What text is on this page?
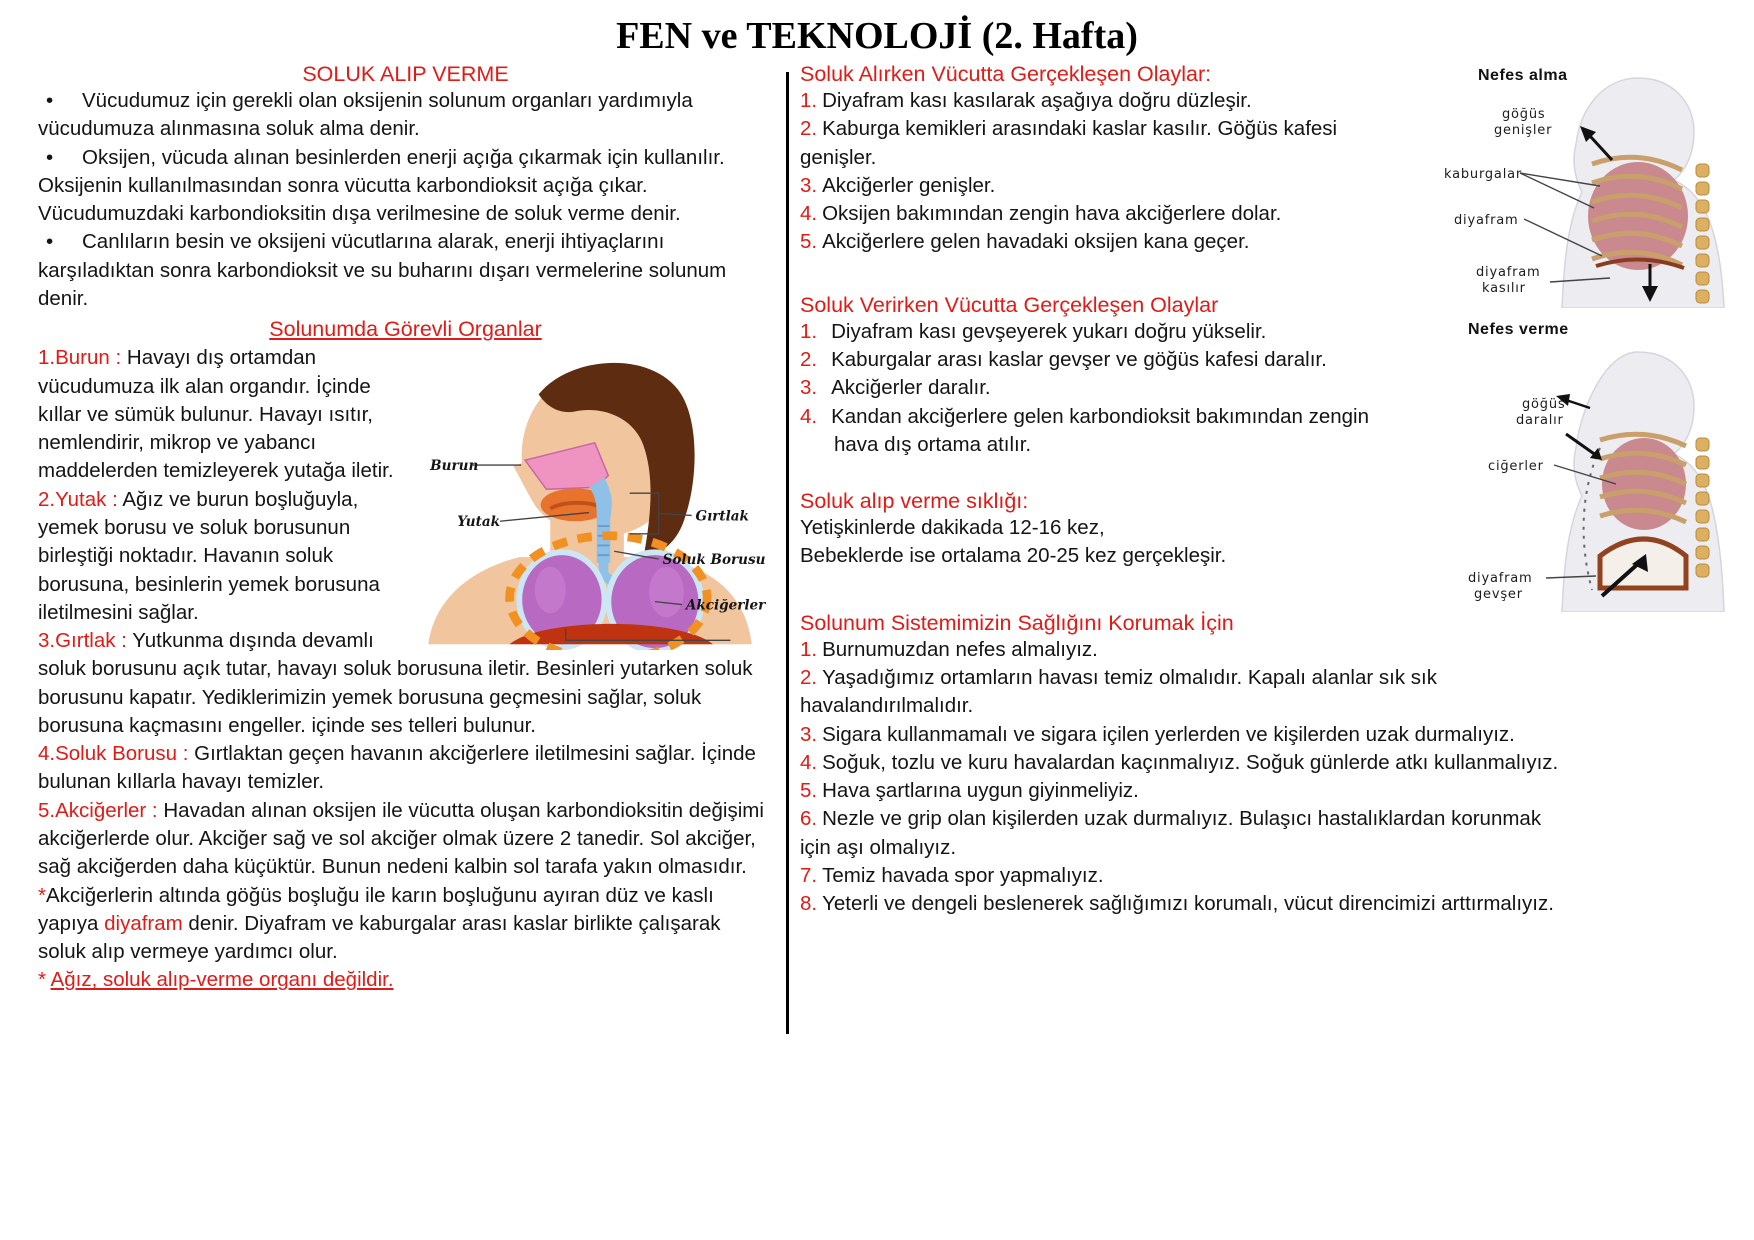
FEN ve TEKNOLOJİ (2. Hafta)

SOLUK ALIP VERME

• Vücudumuz için gerekli olan oksijenin solunum organları yardımıyla vücudumuza alınmasına soluk alma denir.

• Oksijen, vücuda alınan besinlerden enerji açığa çıkarmak için kullanılır. Oksijenin kullanılmasından sonra vücutta karbondioksit açığa çıkar. Vücudumuzdaki karbondioksitin dışa verilmesine de soluk verme denir.

• Canlıların besin ve oksijeni vücutlarına alarak, enerji ihtiyaçlarını karşıladıktan sonra karbondioksit ve su buharını dışarı vermelerine solunum denir.

Solunumda Görevli Organlar

Burun
Yutak	Gırtlak
Soluk Borusu
Akciğerler

1.Burun : Havayı dış ortamdan vücudumuza ilk alan organdır. İçinde kıllar ve sümük bulunur. Havayı ısıtır, nemlendirir, mikrop ve yabancı maddelerden temizleyerek yutağa iletir.

2.Yutak : Ağız ve burun boşluğuyla, yemek borusu ve soluk borusunun birleştiği noktadır. Havanın soluk borusuna, besinlerin yemek borusuna iletilmesini sağlar.

3.Gırtlak : Yutkunma dışında devamlı soluk borusunu açık tutar, havayı soluk borusuna iletir. Besinleri yutarken soluk borusunu kapatır. Yediklerimizin yemek borusuna geçmesini sağlar, soluk borusuna kaçmasını engeller. içinde ses telleri bulunur.

4.Soluk Borusu : Gırtlaktan geçen havanın akciğerlere iletilmesini sağlar. İçinde bulunan kıllarla havayı temizler.

5.Akciğerler : Havadan alınan oksijen ile vücutta oluşan karbondioksitin değişimi akciğerlerde olur. Akciğer sağ ve sol akciğer olmak üzere 2 tanedir. Sol akciğer, sağ akciğerden daha küçüktür. Bunun nedeni kalbin sol tarafa yakın olmasıdır.

*Akciğerlerin altında göğüs boşluğu ile karın boşluğunu ayıran düz ve kaslı yapıya diyafram denir. Diyafram ve kaburgalar arası kaslar birlikte çalışarak soluk alıp vermeye yardımcı olur.

* Ağız, soluk alıp-verme organı değildir.

Soluk Alırken Vücutta Gerçekleşen Olaylar:

1. Diyafram kası kasılarak aşağıya doğru düzleşir.

2. Kaburga kemikleri arasındaki kaslar kasılır. Göğüs kafesi genişler.

3. Akciğerler genişler.

4. Oksijen bakımından zengin hava akciğerlere dolar.

5. Akciğerlere gelen havadaki oksijen kana geçer.

Soluk Verirken Vücutta Gerçekleşen Olaylar

1. Diyafram kası gevşeyerek yukarı doğru yükselir.

2. Kaburgalar arası kaslar gevşer ve göğüs kafesi daralır.

3. Akciğerler daralır.

4. Kandan akciğerlere gelen karbondioksit bakımından zengin hava dış ortama atılır.

Soluk alıp verme sıklığı:

Yetişkinlerde dakikada 12-16 kez,

Bebeklerde ise ortalama 20-25 kez gerçekleşir.

Solunum Sistemimizin Sağlığını Korumak İçin

1. Burnumuzdan nefes almalıyız.

2. Yaşadığımız ortamların havası temiz olmalıdır. Kapalı alanlar sık sık havalandırılmalıdır.

3. Sigara kullanmamalı ve sigara içilen yerlerden ve kişilerden uzak durmalıyız.

4. Soğuk, tozlu ve kuru havalardan kaçınmalıyız. Soğuk günlerde atkı kullanmalıyız.

5. Hava şartlarına uygun giyinmeliyiz.

6. Nezle ve grip olan kişilerden uzak durmalıyız. Bulaşıcı hastalıklardan korunmak için aşı olmalıyız.

7. Temiz havada spor yapmalıyız.

8. Yeterli ve dengeli beslenerek sağlığımızı korumalı, vücut direncimizi arttırmalıyız.

Nefes alma
göğüs
genişler
kaburgalar
diyafram
diyafram
kasılır
Nefes verme
göğüs
daralır
ciğerler
diyafram
gevşer
